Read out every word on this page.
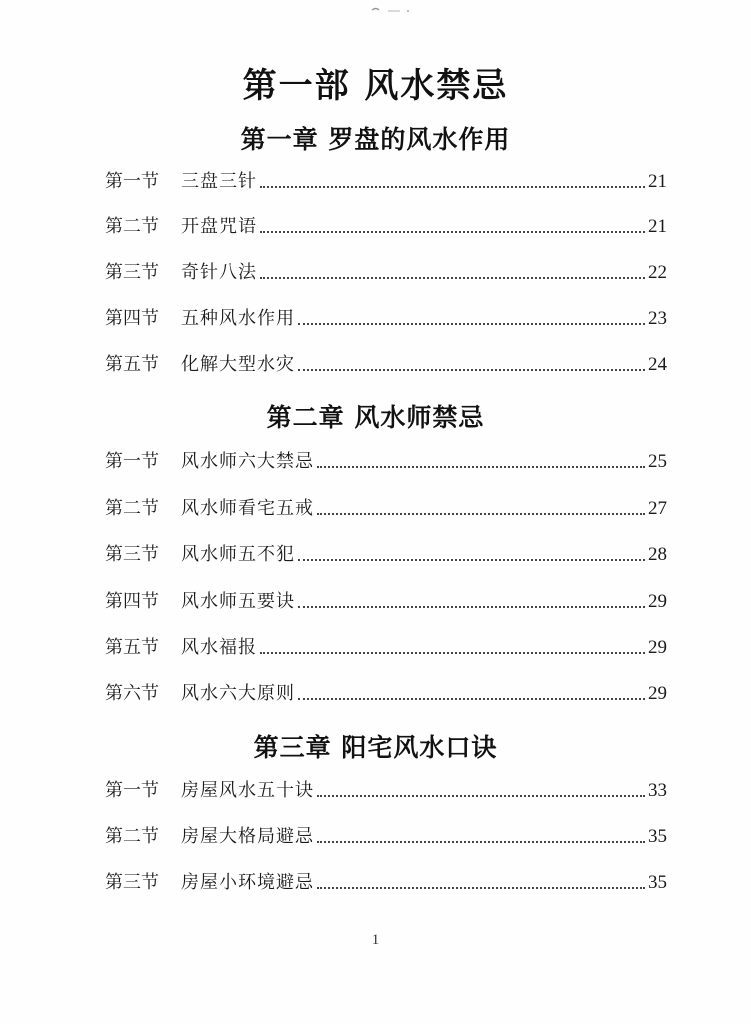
第一部 风水禁忌
第一章 罗盘的风水作用
第一节	三盘三针	21
第二节	开盘咒语	21
第三节	奇针八法	22
第四节	五种风水作用	23
第五节	化解大型水灾	24
第二章 风水师禁忌
第一节	风水师六大禁忌	25
第二节	风水师看宅五戒	27
第三节	风水师五不犯	28
第四节	风水师五要诀	29
第五节	风水福报	29
第六节	风水六大原则	29
第三章 阳宅风水口诀
第一节	房屋风水五十诀	33
第二节	房屋大格局避忌	35
第三节	房屋小环境避忌	35
1
